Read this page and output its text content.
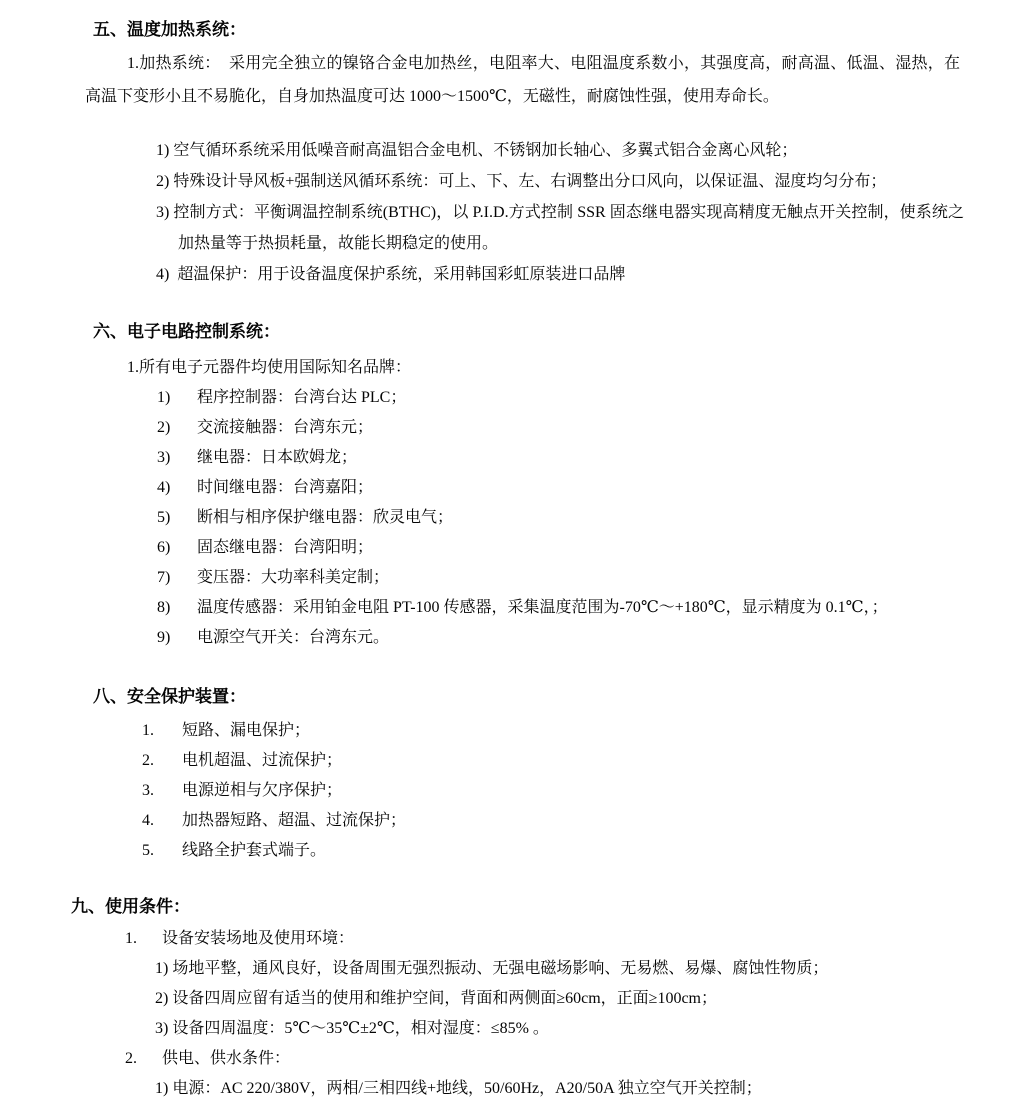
五、温度加热系统：

1.加热系统：  采用完全独立的镍铬合金电加热丝，电阻率大、电阻温度系数小，其强度高，耐高温、低温、湿热，在高温下变形小且不易脆化，自身加热温度可达 1000～1500℃，无磁性，耐腐蚀性强，使用寿命长。

1) 空气循环系统采用低噪音耐高温铝合金电机、不锈钢加长轴心、多翼式铝合金离心风轮；
2) 特殊设计导风板+强制送风循环系统：可上、下、左、右调整出分口风向，以保证温、湿度均匀分布；
3) 控制方式：平衡调温控制系统(BTHC)，以 P.I.D.方式控制 SSR 固态继电器实现高精度无触点开关控制，使系统之加热量等于热损耗量，故能长期稳定的使用。
4)  超温保护：用于设备温度保护系统，采用韩国彩虹原装进口品牌
六、电子电路控制系统：

1.所有电子元器件均使用国际知名品牌：

1)	程序控制器：台湾台达 PLC；
2)	交流接触器：台湾东元；
3)	继电器：日本欧姆龙；
4)	时间继电器：台湾嘉阳；
5)	断相与相序保护继电器：欣灵电气；
6)	固态继电器：台湾阳明；
7)	变压器：大功率科美定制；
8)	温度传感器：采用铂金电阻 PT-100 传感器，采集温度范围为-70℃～+180℃，显示精度为 0.1℃，；
9)	电源空气开关：台湾东元。
八、安全保护装置：
1.	短路、漏电保护；
2.	电机超温、过流保护；
3.	电源逆相与欠序保护；
4.	加热器短路、超温、过流保护；
5.	线路全护套式端子。
九、使用条件：
1.	设备安装场地及使用环境：
1) 场地平整，通风良好，设备周围无强烈振动、无强电磁场影响、无易燃、易爆、腐蚀性物质；
2) 设备四周应留有适当的使用和维护空间，背面和两侧面≥60cm，正面≥100cm；
3) 设备四周温度：5℃～35℃±2℃，相对湿度：≤85% 。
2.	供电、供水条件：
1) 电源：AC 220/380V，两相/三相四线+地线，50/60Hz，A20/50A 独立空气开关控制；
